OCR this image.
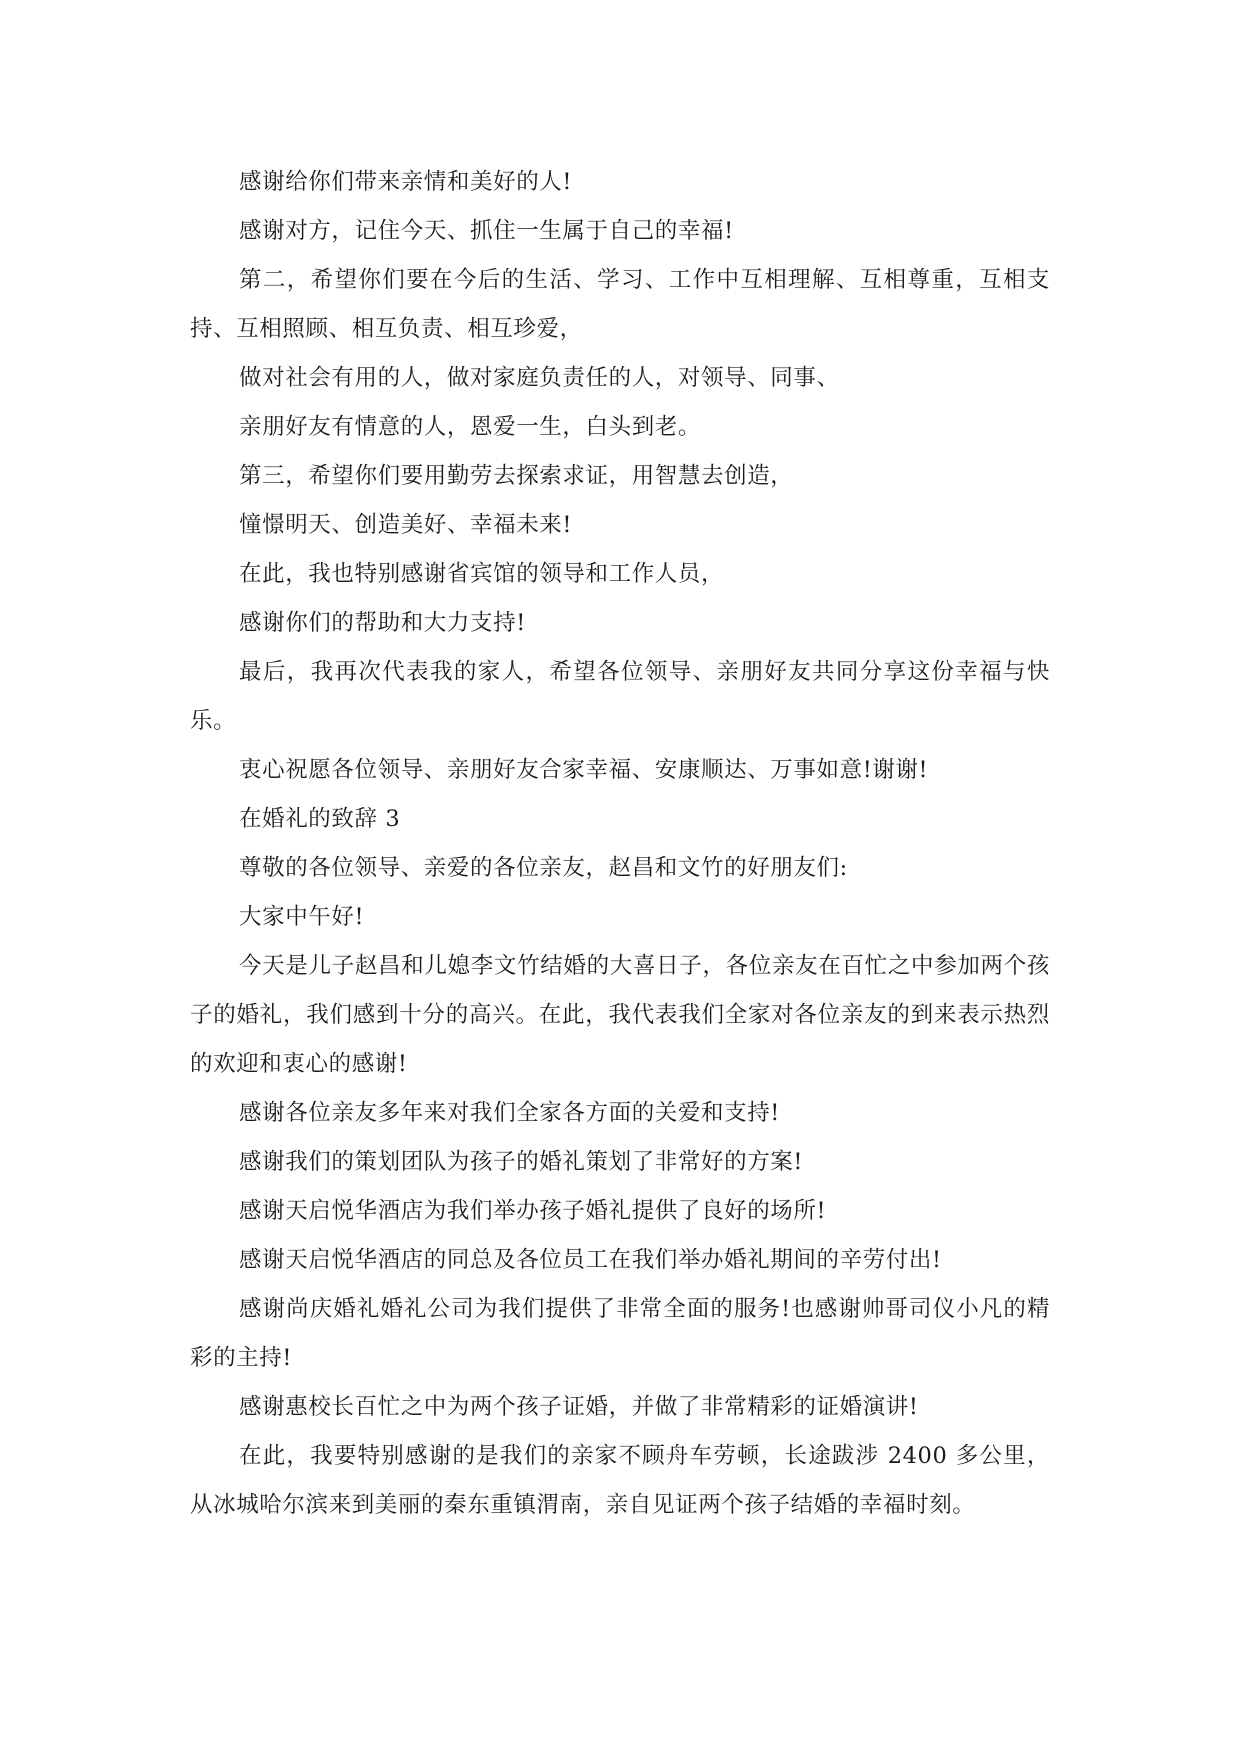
感谢给你们带来亲情和美好的人!

感谢对方，记住今天、抓住一生属于自己的幸福!

第二，希望你们要在今后的生活、学习、工作中互相理解、互相尊重，互相支持、互相照顾、相互负责、相互珍爱，

做对社会有用的人，做对家庭负责任的人，对领导、同事、

亲朋好友有情意的人，恩爱一生，白头到老。

第三，希望你们要用勤劳去探索求证，用智慧去创造，

憧憬明天、创造美好、幸福未来!

在此，我也特别感谢省宾馆的领导和工作人员，

感谢你们的帮助和大力支持!

最后，我再次代表我的家人，希望各位领导、亲朋好友共同分享这份幸福与快乐。

衷心祝愿各位领导、亲朋好友合家幸福、安康顺达、万事如意!谢谢!

在婚礼的致辞 3

尊敬的各位领导、亲爱的各位亲友，赵昌和文竹的好朋友们:

大家中午好!

今天是儿子赵昌和儿媳李文竹结婚的大喜日子，各位亲友在百忙之中参加两个孩子的婚礼，我们感到十分的高兴。在此，我代表我们全家对各位亲友的到来表示热烈的欢迎和衷心的感谢!

感谢各位亲友多年来对我们全家各方面的关爱和支持!

感谢我们的策划团队为孩子的婚礼策划了非常好的方案!

感谢天启悦华酒店为我们举办孩子婚礼提供了良好的场所!

感谢天启悦华酒店的同总及各位员工在我们举办婚礼期间的辛劳付出!

感谢尚庆婚礼婚礼公司为我们提供了非常全面的服务!也感谢帅哥司仪小凡的精彩的主持!

感谢惠校长百忙之中为两个孩子证婚，并做了非常精彩的证婚演讲!

在此，我要特别感谢的是我们的亲家不顾舟车劳顿，长途跋涉 2400 多公里，从冰城哈尔滨来到美丽的秦东重镇渭南，亲自见证两个孩子结婚的幸福时刻。
